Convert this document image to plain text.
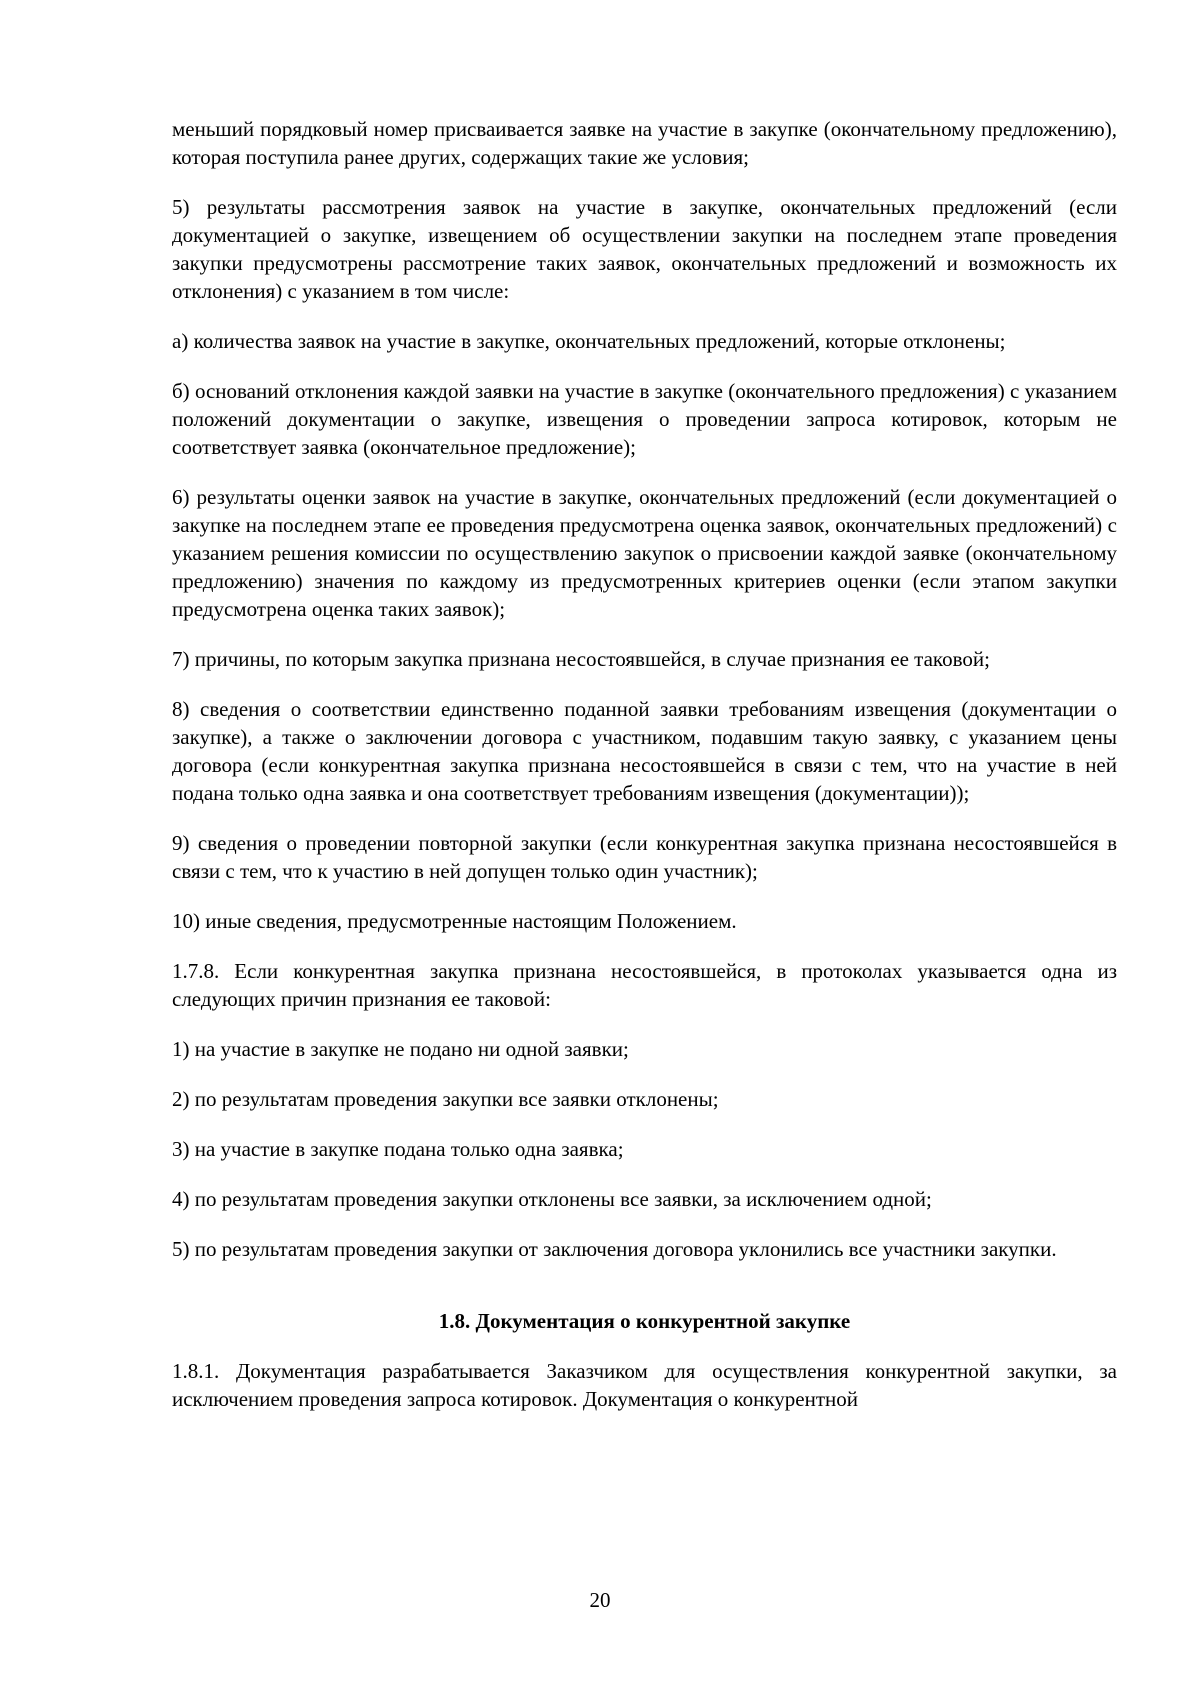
меньший порядковый номер присваивается заявке на участие в закупке (окончательному предложению), которая поступила ранее других, содержащих такие же условия;

5) результаты рассмотрения заявок на участие в закупке, окончательных предложений (если документацией о закупке, извещением об осуществлении закупки на последнем этапе проведения закупки предусмотрены рассмотрение таких заявок, окончательных предложений и возможность их отклонения) с указанием в том числе:

а) количества заявок на участие в закупке, окончательных предложений, которые отклонены;

б) оснований отклонения каждой заявки на участие в закупке (окончательного предложения) с указанием положений документации о закупке, извещения о проведении запроса котировок, которым не соответствует заявка (окончательное предложение);

6) результаты оценки заявок на участие в закупке, окончательных предложений (если документацией о закупке на последнем этапе ее проведения предусмотрена оценка заявок, окончательных предложений) с указанием решения комиссии по осуществлению закупок о присвоении каждой заявке (окончательному предложению) значения по каждому из предусмотренных критериев оценки (если этапом закупки предусмотрена оценка таких заявок);

7) причины, по которым закупка признана несостоявшейся, в случае признания ее таковой;

8) сведения о соответствии единственно поданной заявки требованиям извещения (документации о закупке), а также о заключении договора с участником, подавшим такую заявку, с указанием цены договора (если конкурентная закупка признана несостоявшейся в связи с тем, что на участие в ней подана только одна заявка и она соответствует требованиям извещения (документации));

9) сведения о проведении повторной закупки (если конкурентная закупка признана несостоявшейся в связи с тем, что к участию в ней допущен только один участник);

10) иные сведения, предусмотренные настоящим Положением.

1.7.8. Если конкурентная закупка признана несостоявшейся, в протоколах указывается одна из следующих причин признания ее таковой:

1) на участие в закупке не подано ни одной заявки;

2) по результатам проведения закупки все заявки отклонены;

3) на участие в закупке подана только одна заявка;

4) по результатам проведения закупки отклонены все заявки, за исключением одной;

5) по результатам проведения закупки от заключения договора уклонились все участники закупки.

1.8. Документация о конкурентной закупке

1.8.1. Документация разрабатывается Заказчиком для осуществления конкурентной закупки, за исключением проведения запроса котировок. Документация о конкурентной

20
